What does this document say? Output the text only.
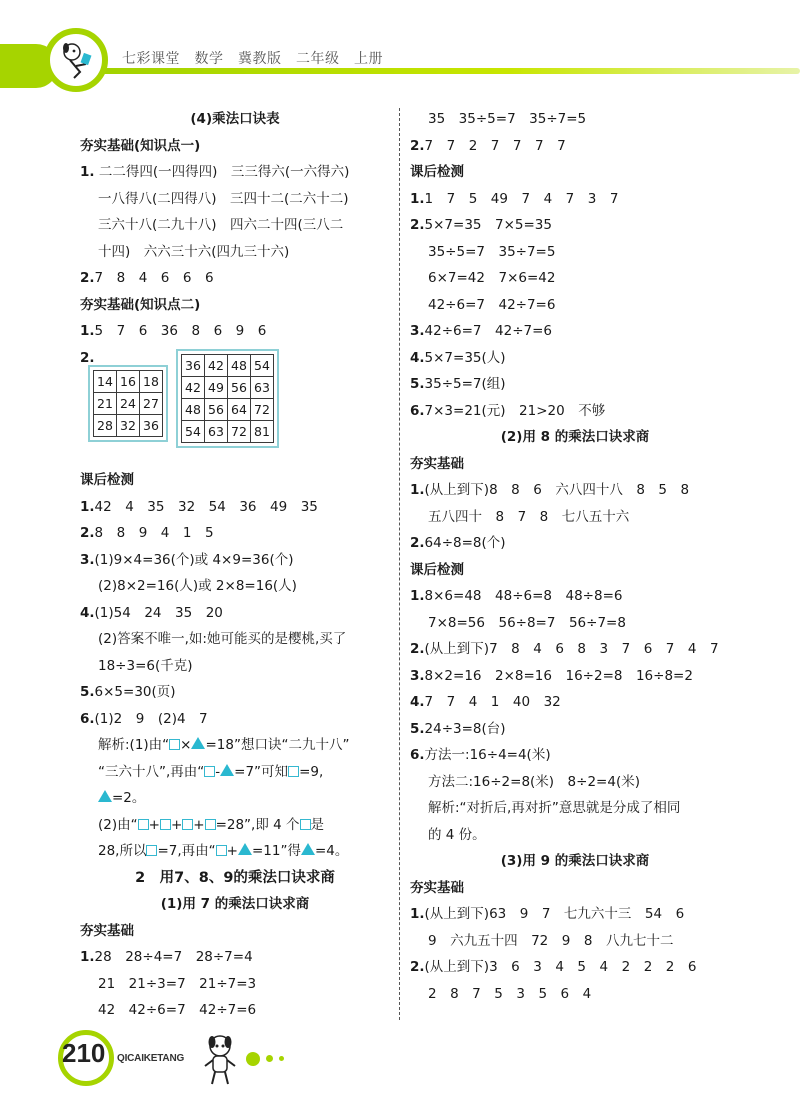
七彩课堂　数学　冀教版　二年级　上册
(4)乘法口诀表
夯实基础(知识点一)
1. 二二得四(一四得四)　三三得六(一六得六)
一八得八(二四得八)　三四十二(二六十二)
三六十八(二九十八)　四六二十四(三八二
十四)　六六三十六(四九三十六)
2.7　8　4　6　6　6
夯实基础(知识点二)
1.5　7　6　36　8　6　9　6
2.
14	16	18
21	24	27
28	32	36
36	42	48	54
42	49	56	63
48	56	64	72
54	63	72	81
课后检测
1.42　4　35　32　54　36　49　35
2.8　8　9　4　1　5
3.(1)9×4=36(个)或 4×9=36(个)
(2)8×2=16(人)或 2×8=16(人)
4.(1)54　24　35　20
(2)答案不唯一,如:她可能买的是樱桃,买了
18÷3=6(千克)
5.6×5=30(页)
6.(1)2　9　(2)4　7
解析:(1)由“ × =18”想口诀“二九十八”
“三六十八”,再由“ - =7”可知 =9,
=2。
(2)由“ + + + =28”,即 4 个 是
28,所以 =7,再由“ + =11”得 =4。
2　 用7、8、9的乘法口诀求商
(1)用 7 的乘法口诀求商
夯实基础
1.28　28÷4=7　28÷7=4
21　21÷3=7　21÷7=3
42　42÷6=7　42÷7=6
35　35÷5=7　35÷7=5
2.7　7　2　7　7　7　7
课后检测
1.1　7　5　49　7　4　7　3　7
2.5×7=35　7×5=35
35÷5=7　35÷7=5
6×7=42　7×6=42
42÷6=7　42÷7=6
3.42÷6=7　42÷7=6
4.5×7=35(人)
5.35÷5=7(组)
6.7×3=21(元)　21>20　不够
(2)用 8 的乘法口诀求商
夯实基础
1.(从上到下)8　8　6　六八四十八　8　5　8
五八四十　8　7　8　七八五十六
2.64÷8=8(个)
课后检测
1.8×6=48　48÷6=8　48÷8=6
7×8=56　56÷8=7　56÷7=8
2.(从上到下)7　8　4　6　8　3　7　6　7　4　7
3.8×2=16　2×8=16　16÷2=8　16÷8=2
4.7　7　4　1　40　32
5.24÷3=8(台)
6.方法一:16÷4=4(米)
方法二:16÷2=8(米)　8÷2=4(米)
解析:“对折后,再对折”意思就是分成了相同
的 4 份。
(3)用 9 的乘法口诀求商
夯实基础
1.(从上到下)63　9　7　七九六十三　54　6
9　六九五十四　72　9　8　八九七十二
2.(从上到下)3　6　3　4　5　4　2　2　2　6
2　8　7　5　3　5　6　4
210 QICAIKETANG
